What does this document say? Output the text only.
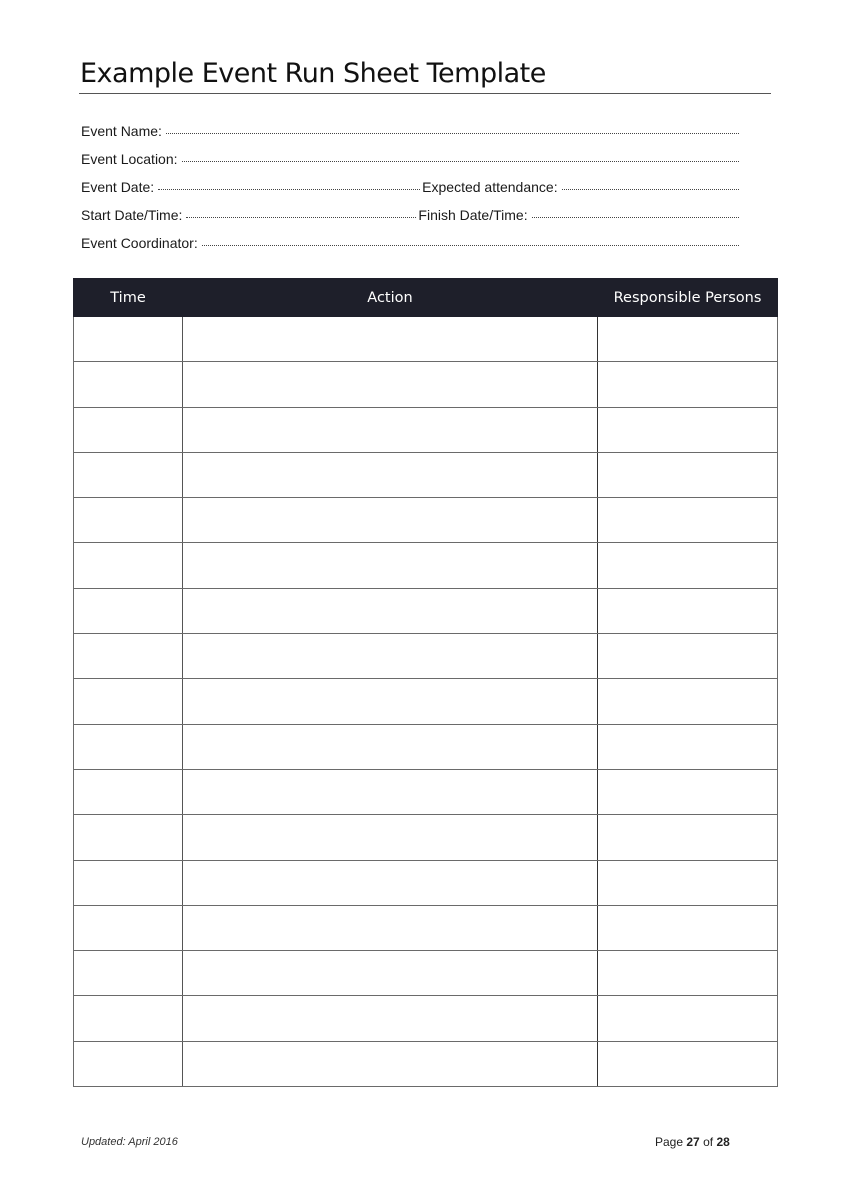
Example Event Run Sheet Template
Event Name:
Event Location:
Event Date:	Expected attendance:
Start Date/Time:	Finish Date/Time:
Event Coordinator:
Time	Action	Responsible Persons

Updated: April 2016	Page 27 of 28
